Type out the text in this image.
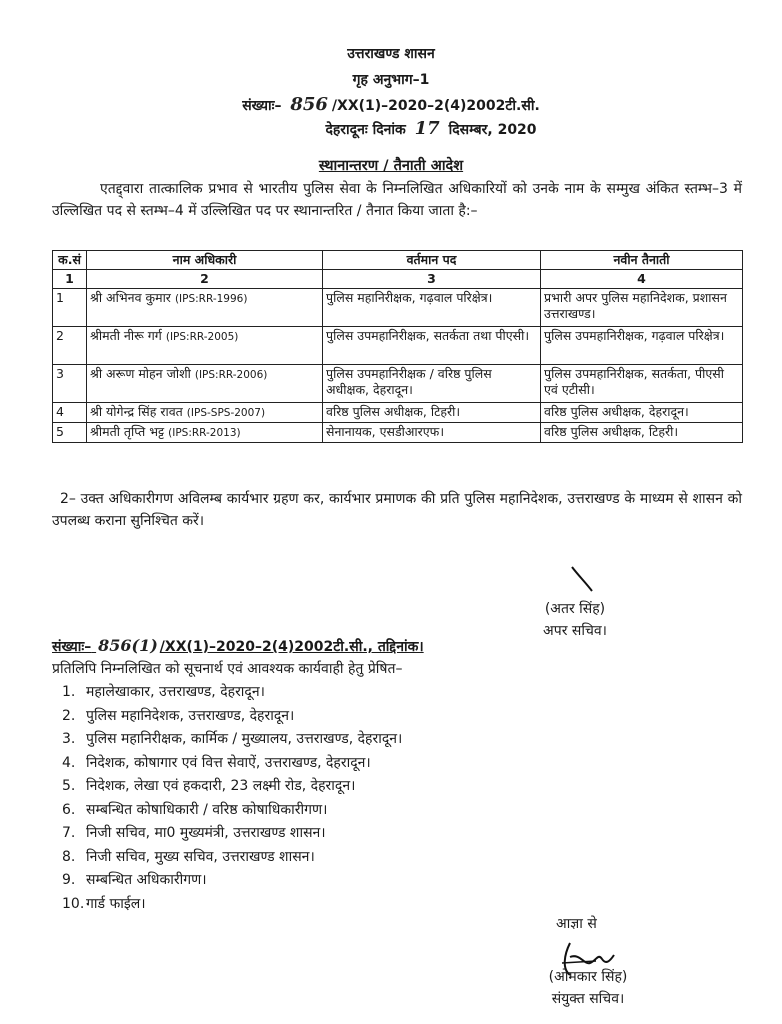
उत्तराखण्ड शासन
गृह अनुभाग–1
संख्याः– 856 /XX(1)–2020–2(4)2002टी.सी.
देहरादूनः दिनांक 17 दिसम्बर, 2020
स्थानान्तरण / तैनाती आदेश
एतद्द्वारा तात्कालिक प्रभाव से भारतीय पुलिस सेवा के निम्नलिखित अधिकारियों को उनके नाम के सम्मुख अंकित स्तम्भ–3 में उल्लिखित पद से स्तम्भ–4 में उल्लिखित पद पर स्थानान्तरित / तैनात किया जाता है:–
क.सं	नाम अधिकारी	वर्तमान पद	नवीन तैनाती
1	2	3	4
1	श्री अभिनव कुमार (IPS:RR-1996)	पुलिस महानिरीक्षक, गढ़वाल परिक्षेत्र।	प्रभारी अपर पुलिस महानिदेशक, प्रशासन उत्तराखण्ड।
2	श्रीमती नीरू गर्ग (IPS:RR-2005)	पुलिस उपमहानिरीक्षक, सतर्कता तथा पीएसी।	पुलिस उपमहानिरीक्षक, गढ़वाल परिक्षेत्र।
3	श्री अरूण मोहन जोशी (IPS:RR-2006)	पुलिस उपमहानिरीक्षक / वरिष्ठ पुलिस अधीक्षक, देहरादून।	पुलिस उपमहानिरीक्षक, सतर्कता, पीएसी एवं एटीसी।
4	श्री योगेन्द्र सिंह रावत (IPS-SPS-2007)	वरिष्ठ पुलिस अधीक्षक, टिहरी।	वरिष्ठ पुलिस अधीक्षक, देहरादून।
5	श्रीमती तृप्ति भट्ट (IPS:RR-2013)	सेनानायक, एसडीआरएफ।	वरिष्ठ पुलिस अधीक्षक, टिहरी।
2– उक्त अधिकारीगण अविलम्ब कार्यभार ग्रहण कर, कार्यभार प्रमाणक की प्रति पुलिस महानिदेशक, उत्तराखण्ड के माध्यम से शासन को उपलब्ध कराना सुनिश्चित करें।
(अतर सिंह)
अपर सचिव।
संख्याः– 856(1) /XX(1)–2020–2(4)2002टी.सी., तद्दिनांक।
प्रतिलिपि निम्नलिखित को सूचनार्थ एवं आवश्यक कार्यवाही हेतु प्रेषित–
1. महालेखाकार, उत्तराखण्ड, देहरादून।
2. पुलिस महानिदेशक, उत्तराखण्ड, देहरादून।
3. पुलिस महानिरीक्षक, कार्मिक / मुख्यालय, उत्तराखण्ड, देहरादून।
4. निदेशक, कोषागार एवं वित्त सेवाऐं, उत्तराखण्ड, देहरादून।
5. निदेशक, लेखा एवं हकदारी, 23 लक्ष्मी रोड, देहरादून।
6. सम्बन्धित कोषाधिकारी / वरिष्ठ कोषाधिकारीगण।
7. निजी सचिव, मा0 मुख्यमंत्री, उत्तराखण्ड शासन।
8. निजी सचिव, मुख्य सचिव, उत्तराखण्ड शासन।
9. सम्बन्धित अधिकारीगण।
10. गार्ड फाईल।
आज्ञा से
(ओमकार सिंह)
संयुक्त सचिव।
